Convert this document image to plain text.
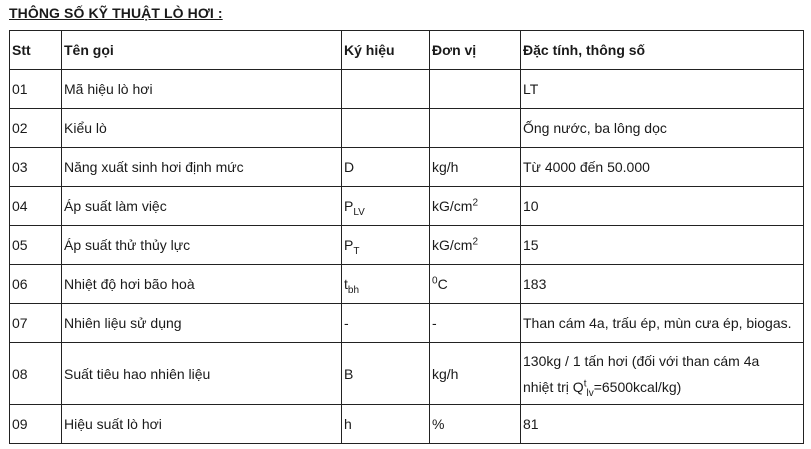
THÔNG SỐ KỸ THUẬT LÒ HƠI :
Stt	Tên gọi	Ký hiệu	Đơn vị	Đặc tính, thông số
01	Mã hiệu lò hơi			LT
02	Kiểu lò			Ống nước, ba lông dọc
03	Năng xuất sinh hơi định mức	D	kg/h	Từ 4000 đến 50.000
04	Áp suất làm việc	$P_{LV}$	$kG/cm^2$	10
05	Áp suất thử thủy lực	$P_T$	$kG/cm^2$	15
06	Nhiệt độ hơi bão hoà	$t_{bh}$	$^0$C	183
07	Nhiên liệu sử dụng	-	-	Than cám 4a, trấu ép, mùn cưa ép, biogas.
08	Suất tiêu hao nhiên liệu	B	kg/h	130kg / 1 tấn hơi (đối với than cám 4a
nhiệt trị $Q^t_{lv}=6500kcal/kg$)

09	Hiệu suất lò hơi	h	%	81
